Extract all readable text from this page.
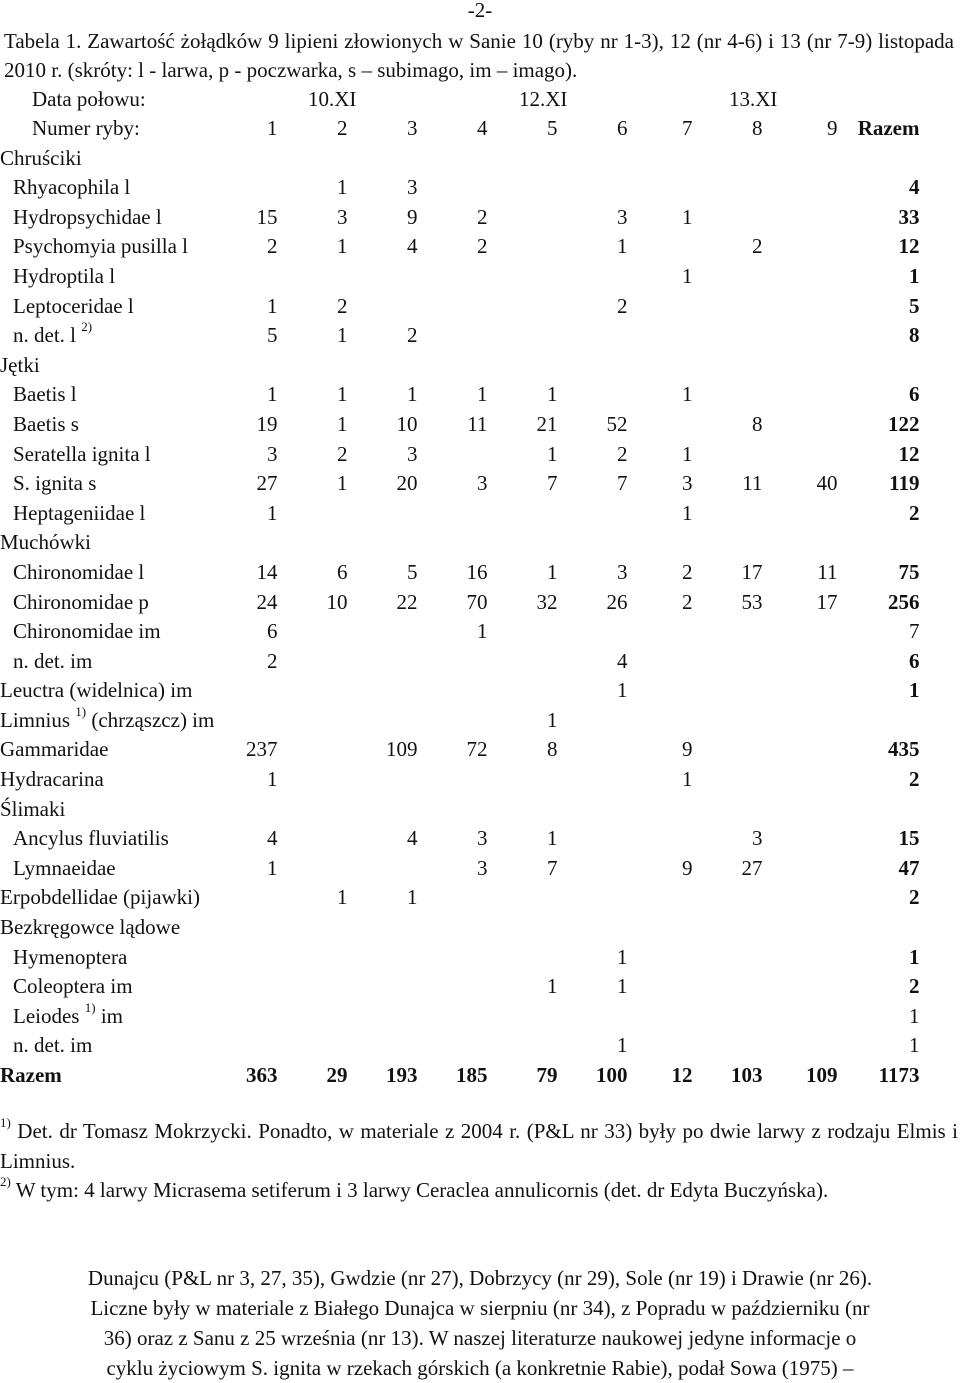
-2-
Tabela 1. Zawartość żołądków 9 lipieni złowionych w Sanie 10 (ryby nr 1-3), 12 (nr 4-6) i 13 (nr 7-9) listopada 2010 r. (skróty: l - larwa, p - poczwarka, s – subimago, im – imago).
Data połowu:	10.XI	12.XI	13.XI
Numer ryby:	1	2	3	4	5	6	7	8	9	Razem
Chruściki										
Rhyacophila l		1	3							4
Hydropsychidae l	15	3	9	2		3	1			33
Psychomyia pusilla l	2	1	4	2		1		2		12
Hydroptila l							1			1
Leptoceridae l	1	2				2				5
n. det. l $^{2)}$	5	1	2							8
Jętki										
Baetis l	1	1	1	1	1		1			6
Baetis s	19	1	10	11	21	52		8		122
Seratella ignita l	3	2	3		1	2	1			12
S. ignita s	27	1	20	3	7	7	3	11	40	119
Heptageniidae l	1						1			2
Muchówki										
Chironomidae l	14	6	5	16	1	3	2	17	11	75
Chironomidae p	24	10	22	70	32	26	2	53	17	256
Chironomidae im	6			1						7
n. det. im	2					4				6
Leuctra (widelnica) im						1				1
Limnius $^{1)}$ (chrząszcz) im					1					
Gammaridae	237		109	72	8		9			435
Hydracarina	1						1			2
Ślimaki										
Ancylus fluviatilis	4		4	3	1			3		15
Lymnaeidae	1			3	7		9	27		47
Erpobdellidae (pijawki)		1	1							2
Bezkręgowce lądowe										
Hymenoptera						1				1
Coleoptera im					1	1				2
Leiodes $^{1)}$ im										1
n. det. im						1				1
Razem	363	29	193	185	79	100	12	103	109	1173
$^{1)}$ Det. dr Tomasz Mokrzycki. Ponadto, w materiale z 2004 r. (P&L nr 33) były po dwie larwy z rodzaju Elmis i Limnius.
$^{2)}$ W tym: 4 larwy Micrasema setiferum i 3 larwy Ceraclea annulicornis (det. dr Edyta Buczyńska).

Dunajcu (P&L nr 3, 27, 35), Gwdzie (nr 27), Dobrzycy (nr 29), Sole (nr 19) i Drawie (nr 26).

Liczne były w materiale z Białego Dunajca w sierpniu (nr 34), z Popradu w październiku (nr

36) oraz z Sanu z 25 września (nr 13). W naszej literaturze naukowej jedyne informacje o

cyklu życiowym S. ignita w rzekach górskich (a konkretnie Rabie), podał Sowa (1975) –
